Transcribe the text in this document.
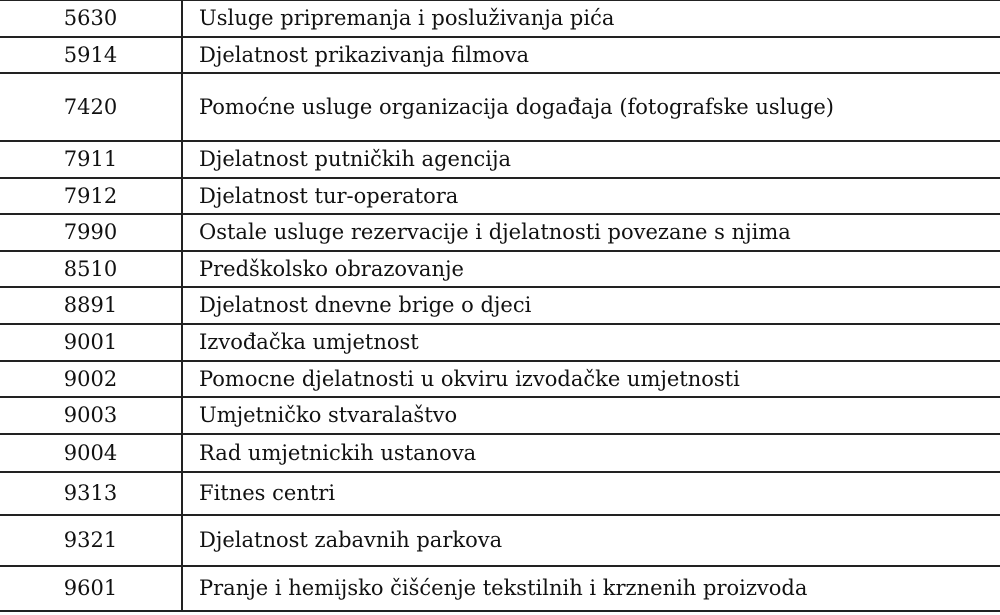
5630	Usluge pripremanja i posluživanja pića
5914	Djelatnost prikazivanja filmova
7420	Pomoćne usluge organizacija događaja (fotografske usluge)
7911	Djelatnost putničkih agencija
7912	Djelatnost tur-operatora
7990	Ostale usluge rezervacije i djelatnosti povezane s njima
8510	Predškolsko obrazovanje
8891	Djelatnost dnevne brige o djeci
9001	Izvođačka umjetnost
9002	Pomocne djelatnosti u okviru izvodačke umjetnosti
9003	Umjetničko stvaralaštvo
9004	Rad umjetnickih ustanova
9313	Fitnes centri
9321	Djelatnost zabavnih parkova
9601	Pranje i hemijsko čišćenje tekstilnih i krznenih proizvoda
